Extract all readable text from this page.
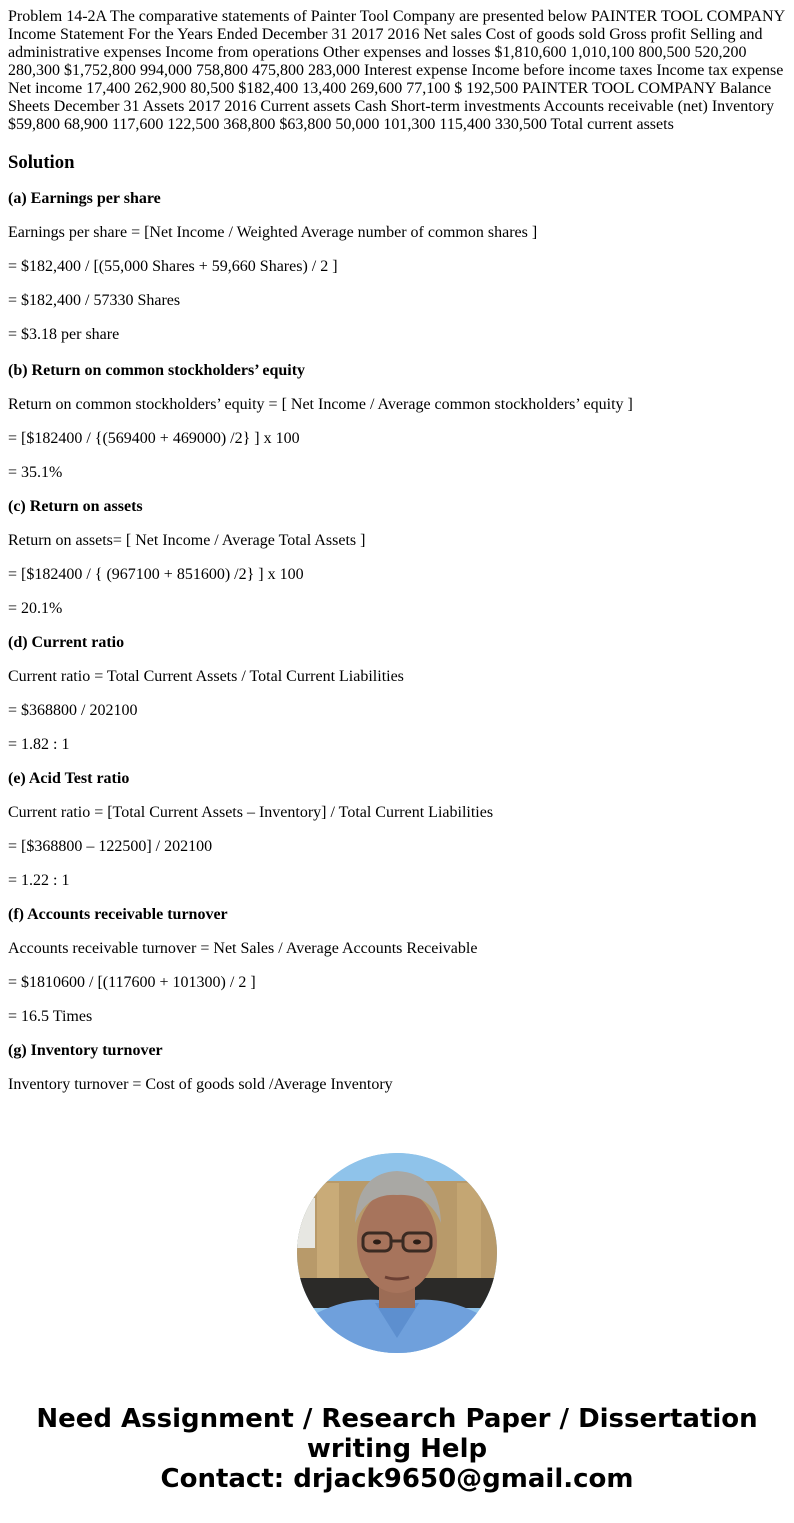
Problem 14-2A The comparative statements of Painter Tool Company are presented below PAINTER TOOL COMPANY Income Statement For the Years Ended December 31 2017 2016 Net sales Cost of goods sold Gross profit Selling and administrative expenses Income from operations Other expenses and losses $1,810,600 1,010,100 800,500 520,200 280,300 $1,752,800 994,000 758,800 475,800 283,000 Interest expense Income before income taxes Income tax expense Net income 17,400 262,900 80,500 $182,400 13,400 269,600 77,100 $ 192,500 PAINTER TOOL COMPANY Balance Sheets December 31 Assets 2017 2016 Current assets Cash Short-term investments Accounts receivable (net) Inventory $59,800 68,900 117,600 122,500 368,800 $63,800 50,000 101,300 115,400 330,500 Total current assets

Solution

(a) Earnings per share

Earnings per share = [Net Income / Weighted Average number of common shares ]

= $182,400 / [(55,000 Shares + 59,660 Shares) / 2 ]

= $182,400 / 57330 Shares

= $3.18 per share

(b) Return on common stockholders’ equity

Return on common stockholders’ equity = [ Net Income / Average common stockholders’ equity ]

= [$182400 / {(569400 + 469000) /2} ] x 100

= 35.1%

(c) Return on assets

Return on assets= [ Net Income / Average Total Assets ]

= [$182400 / { (967100 + 851600) /2} ] x 100

= 20.1%

(d) Current ratio

Current ratio = Total Current Assets / Total Current Liabilities

= $368800 / 202100

= 1.82 : 1

(e) Acid Test ratio

Current ratio = [Total Current Assets – Inventory] / Total Current Liabilities

= [$368800 – 122500] / 202100

= 1.22 : 1

(f) Accounts receivable turnover

Accounts receivable turnover = Net Sales / Average Accounts Receivable

= $1810600 / [(117600 + 101300) / 2 ]

= 16.5 Times

(g) Inventory turnover

Inventory turnover = Cost of goods sold /Average Inventory

Need Assignment / Research Paper / Dissertation
writing Help
Contact: drjack9650@gmail.com
